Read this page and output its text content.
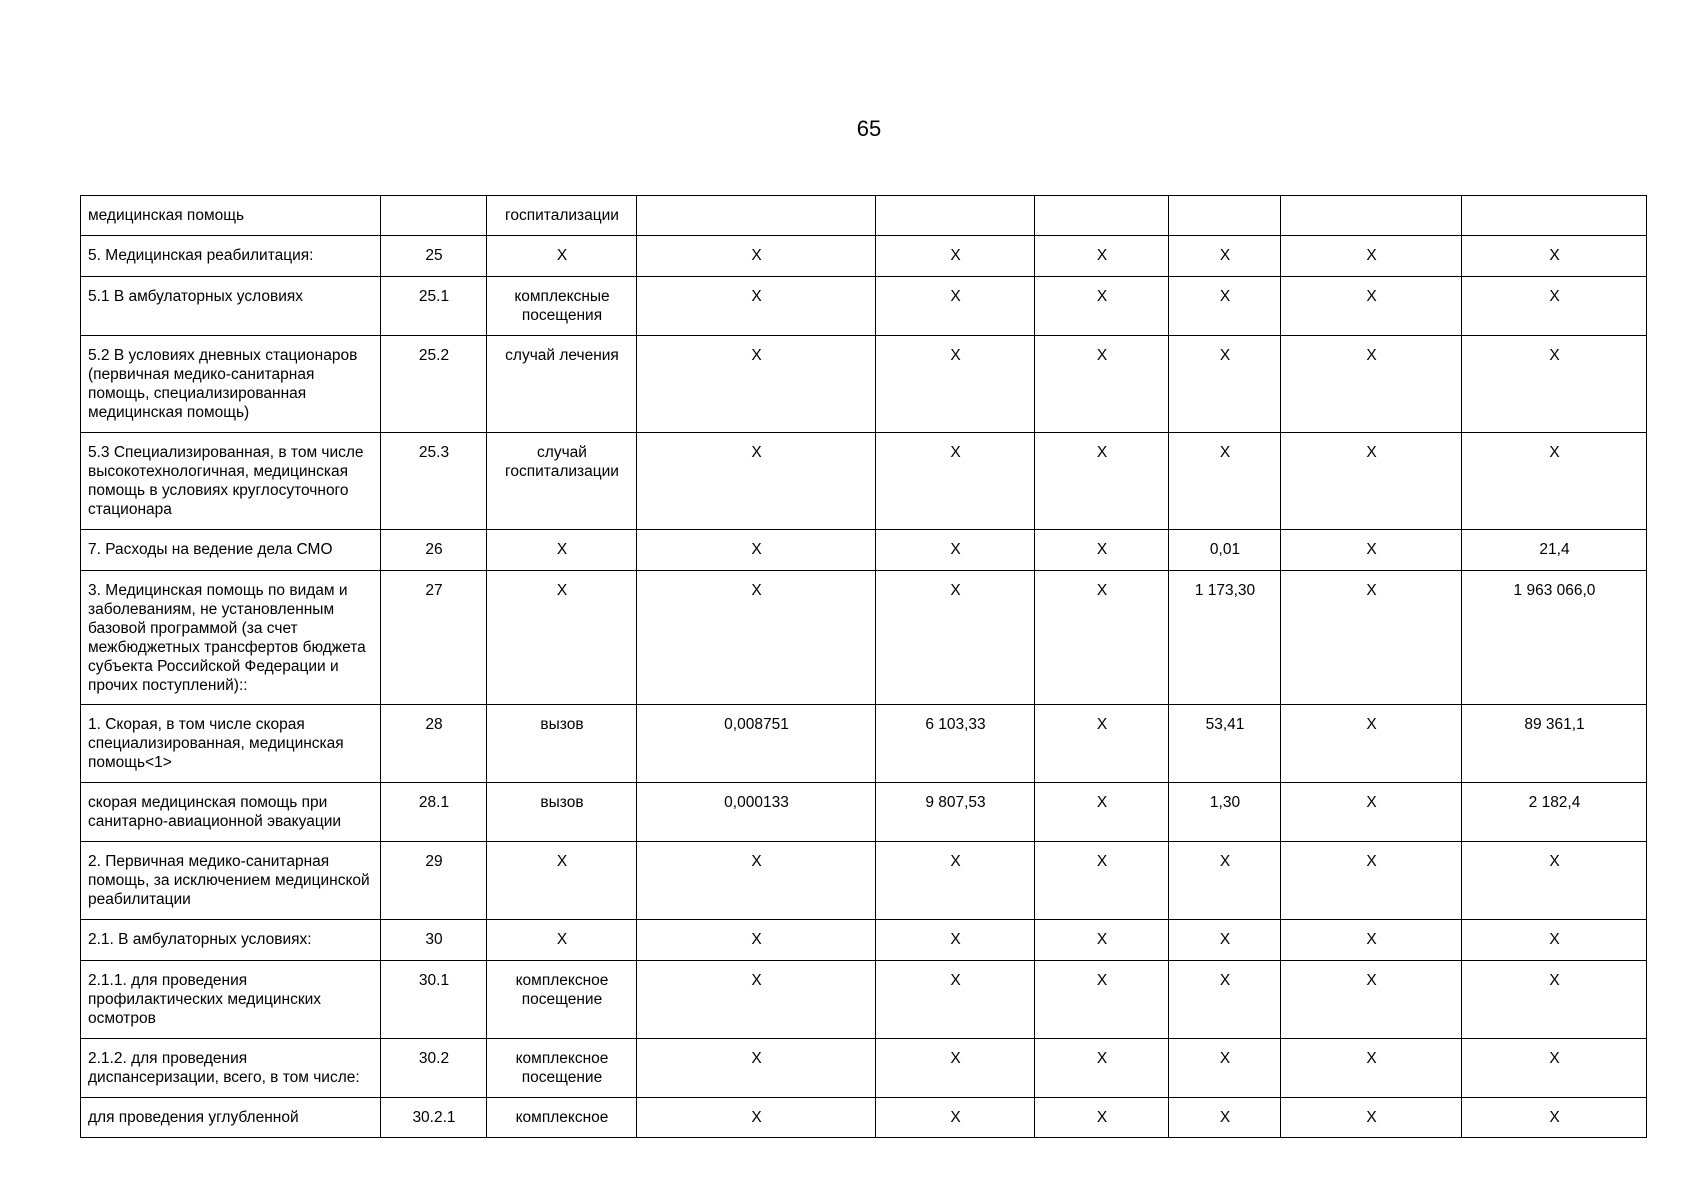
65
медицинская помощь		госпитализации						
5. Медицинская реабилитация:	25	X	X	X	X	X	X	X
5.1 В амбулаторных условиях	25.1	комплексные посещения	X	X	X	X	X	X
5.2 В условиях дневных стационаров (первичная медико-санитарная помощь, специализированная медицинская помощь)	25.2	случай лечения	X	X	X	X	X	X
5.3 Специализированная, в том числе высокотехнологичная, медицинская помощь в условиях круглосуточного стационара	25.3	случай госпитализации	X	X	X	X	X	X
7. Расходы на ведение дела СМО	26	X	X	X	X	0,01	X	21,4
3. Медицинская помощь по видам и заболеваниям, не установленным базовой программой (за счет межбюджетных трансфертов бюджета субъекта Российской Федерации и прочих поступлений)::	27	X	X	X	X	1 173,30	X	1 963 066,0
1. Скорая, в том числе скорая специализированная, медицинская помощь<1>	28	вызов	0,008751	6 103,33	X	53,41	X	89 361,1
скорая медицинская помощь при санитарно-авиационной эвакуации	28.1	вызов	0,000133	9 807,53	X	1,30	X	2 182,4
2. Первичная медико-санитарная помощь, за исключением медицинской реабилитации	29	X	X	X	X	X	X	X
2.1. В амбулаторных условиях:	30	X	X	X	X	X	X	X
2.1.1. для проведения профилактических медицинских осмотров	30.1	комплексное посещение	X	X	X	X	X	X
2.1.2. для проведения диспансеризации, всего, в том числе:	30.2	комплексное посещение	X	X	X	X	X	X
для проведения углубленной	30.2.1	комплексное	X	X	X	X	X	X
